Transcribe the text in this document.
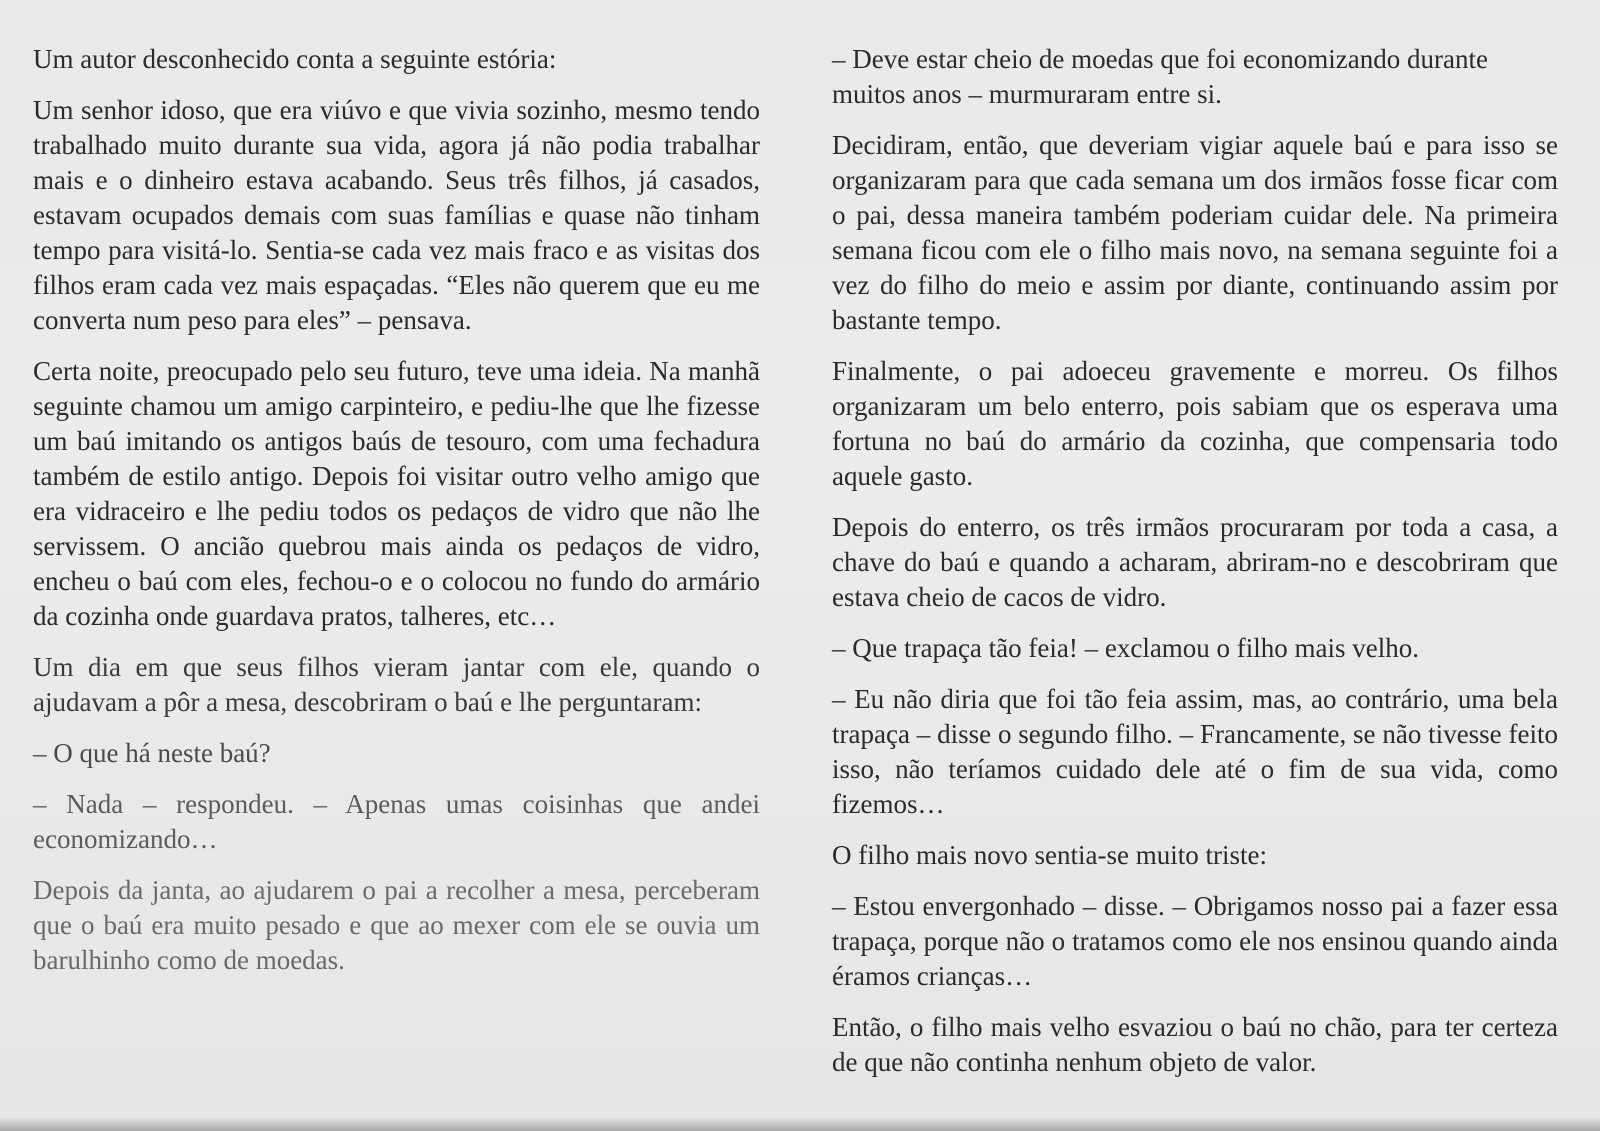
Um autor desconhecido conta a seguinte estória:

Um senhor idoso, que era viúvo e que vivia sozinho, mesmo tendo trabalhado muito durante sua vida, agora já não podia trabalhar mais e o dinheiro estava acabando. Seus três filhos, já casados, estavam ocupados demais com suas famílias e quase não tinham tempo para visitá-lo. Sentia-se cada vez mais fraco e as visitas dos filhos eram cada vez mais espaçadas. “Eles não querem que eu me converta num peso para eles” – pensava.

Certa noite, preocupado pelo seu futuro, teve uma ideia. Na manhã seguinte chamou um amigo carpinteiro, e pediu-lhe que lhe fizesse um baú imitando os antigos baús de tesouro, com uma fechadura também de estilo antigo. Depois foi visitar outro velho amigo que era vidraceiro e lhe pediu todos os pedaços de vidro que não lhe servissem. O ancião quebrou mais ainda os pedaços de vidro, encheu o baú com eles, fechou-o e o colocou no fundo do armário da cozinha onde guardava pratos, talheres, etc…

Um dia em que seus filhos vieram jantar com ele, quando o ajudavam a pôr a mesa, descobriram o baú e lhe perguntaram:

– O que há neste baú?

– Nada – respondeu. – Apenas umas coisinhas que andei economizando…

Depois da janta, ao ajudarem o pai a recolher a mesa, perceberam que o baú era muito pesado e que ao mexer com ele se ouvia um barulhinho como de moedas.

– Deve estar cheio de moedas que foi economizando durante muitos anos – murmuraram entre si.

Decidiram, então, que deveriam vigiar aquele baú e para isso se organizaram para que cada semana um dos irmãos fosse ficar com o pai, dessa maneira também poderiam cuidar dele. Na primeira semana ficou com ele o filho mais novo, na semana seguinte foi a vez do filho do meio e assim por diante, continuando assim por bastante tempo.

Finalmente, o pai adoeceu gravemente e morreu. Os filhos organizaram um belo enterro, pois sabiam que os esperava uma fortuna no baú do armário da cozinha, que compensaria todo aquele gasto.

Depois do enterro, os três irmãos procuraram por toda a casa, a chave do baú e quando a acharam, abriram-no e descobriram que estava cheio de cacos de vidro.

– Que trapaça tão feia! – exclamou o filho mais velho.

– Eu não diria que foi tão feia assim, mas, ao contrário, uma bela trapaça – disse o segundo filho. – Francamente, se não tivesse feito isso, não teríamos cuidado dele até o fim de sua vida, como fizemos…

O filho mais novo sentia-se muito triste:

– Estou envergonhado – disse. – Obrigamos nosso pai a fazer essa trapaça, porque não o tratamos como ele nos ensinou quando ainda éramos crianças…

Então, o filho mais velho esvaziou o baú no chão, para ter certeza de que não continha nenhum objeto de valor.
